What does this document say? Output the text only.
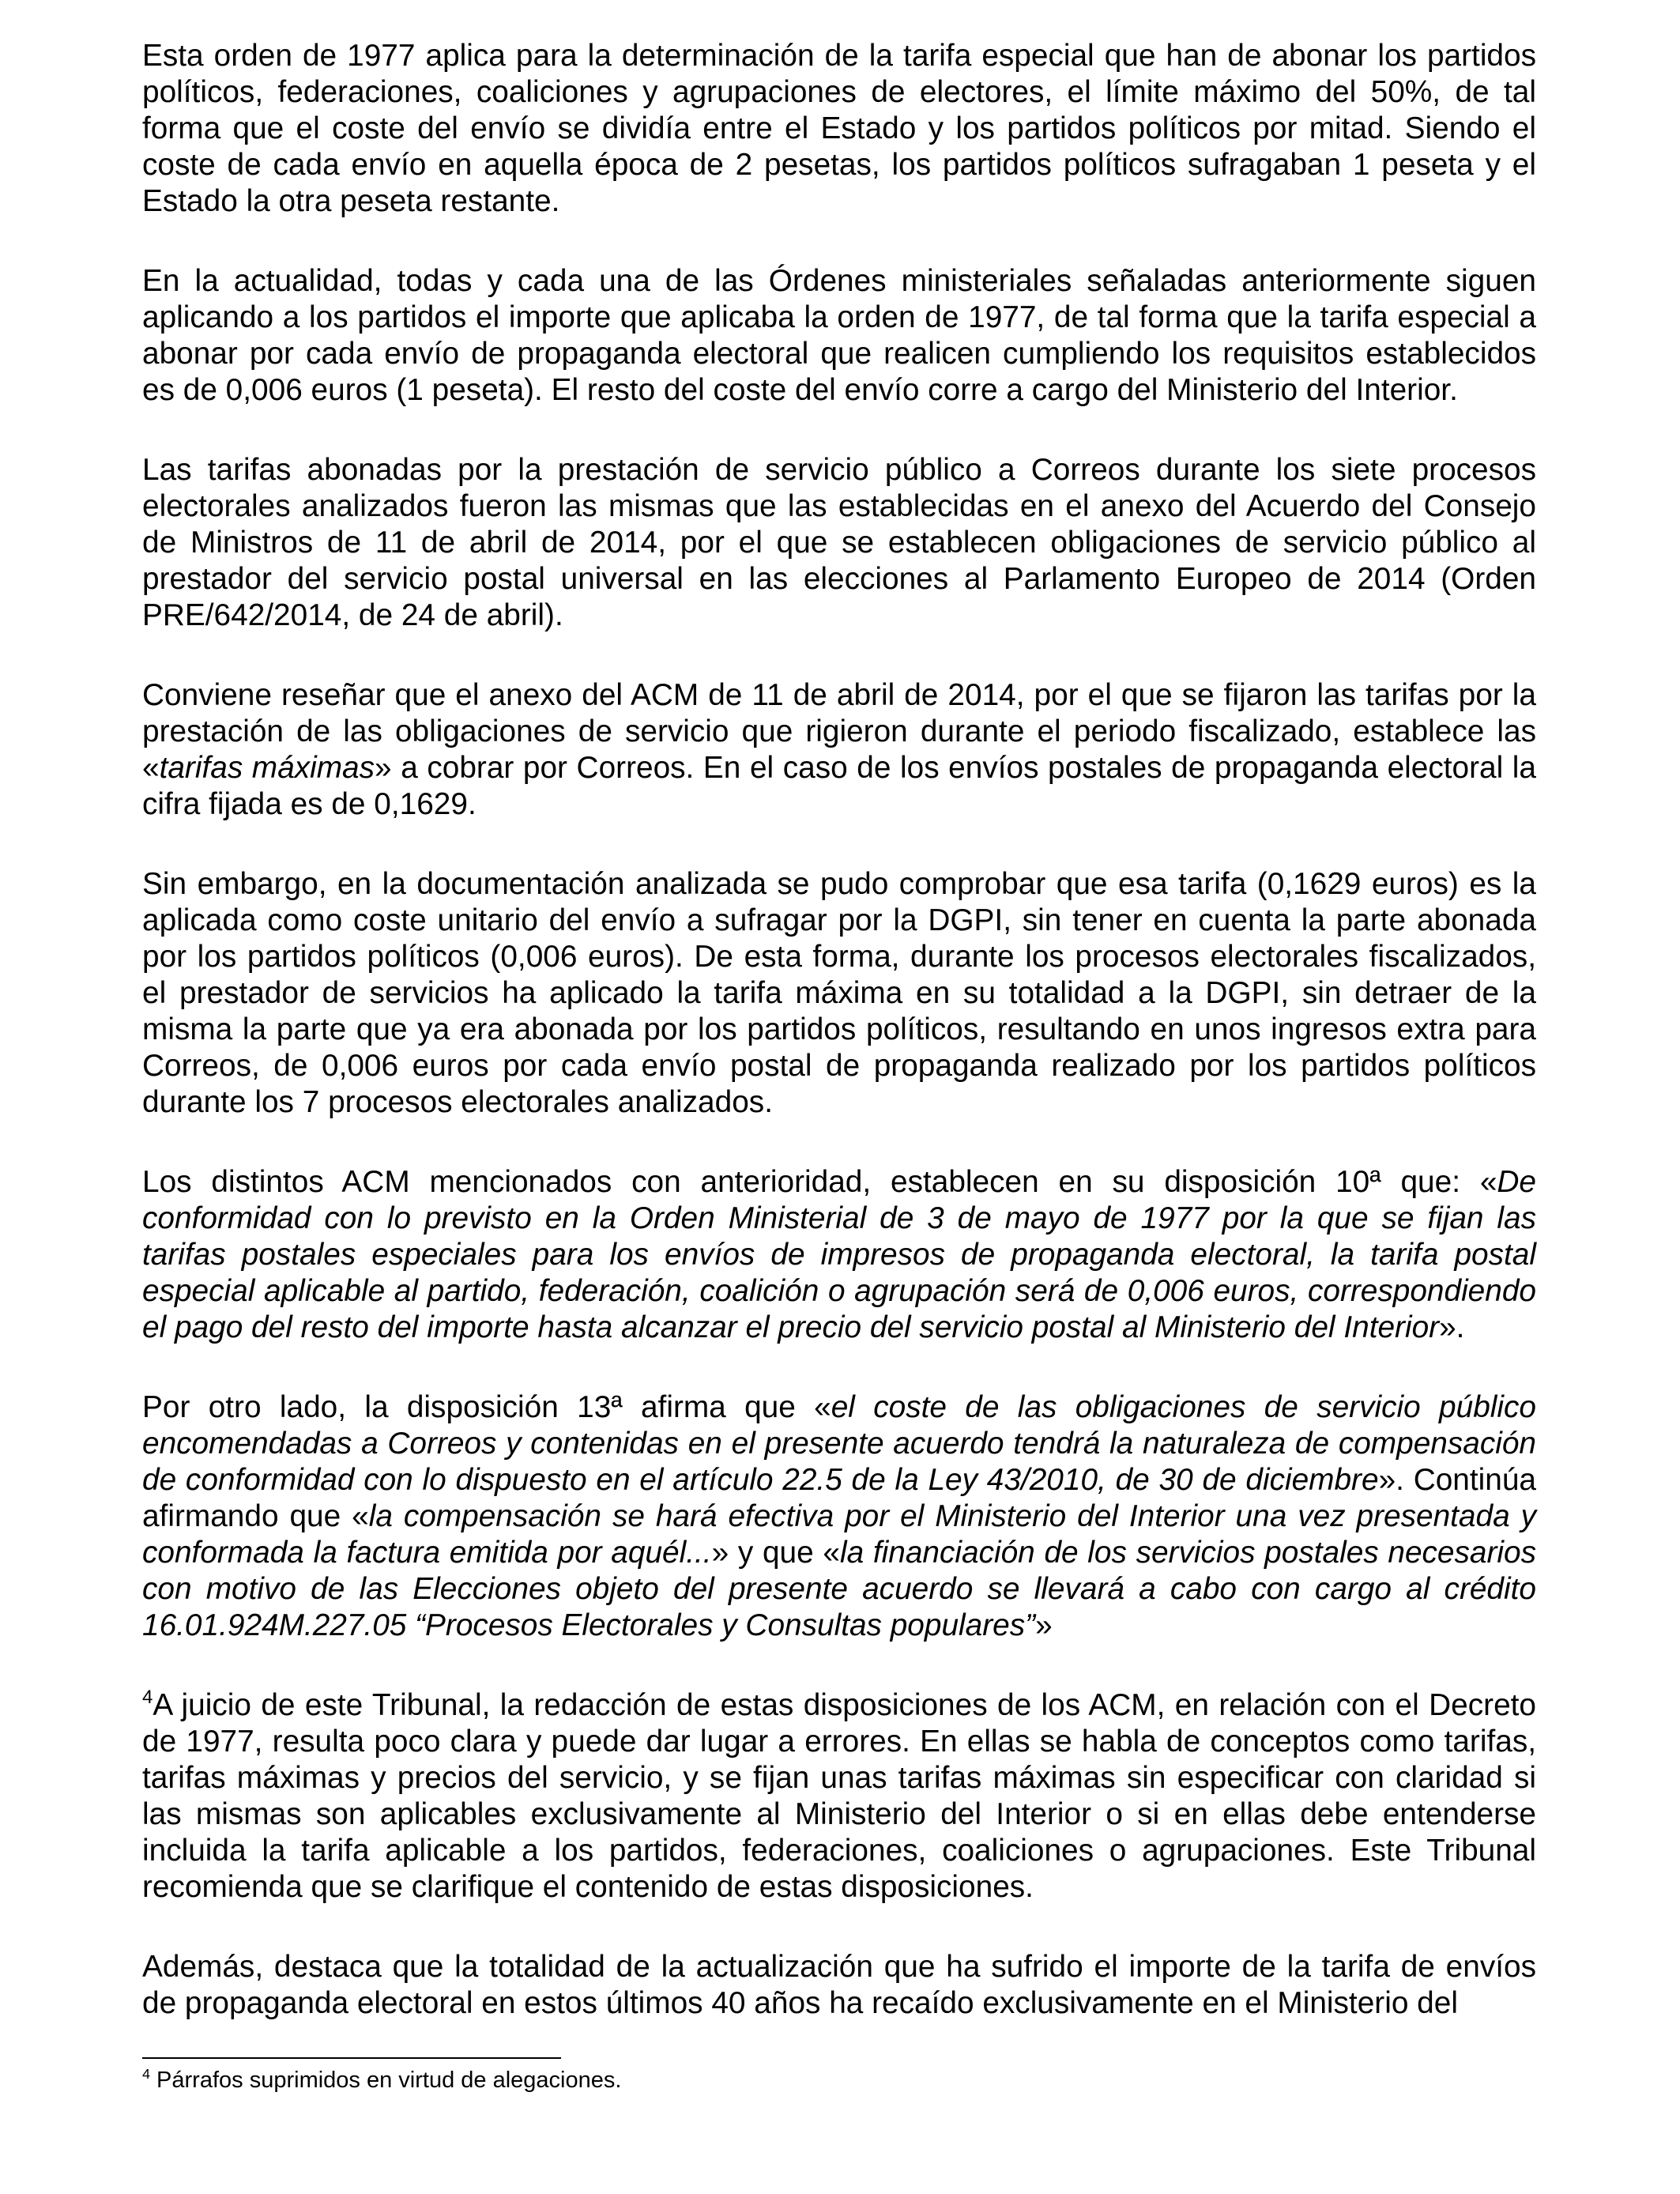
Esta orden de 1977 aplica para la determinación de la tarifa especial que han de abonar los partidos políticos, federaciones, coaliciones y agrupaciones de electores, el límite máximo del 50%, de tal forma que el coste del envío se dividía entre el Estado y los partidos políticos por mitad. Siendo el coste de cada envío en aquella época de 2 pesetas, los partidos políticos sufragaban 1 peseta y el Estado la otra peseta restante.

En la actualidad, todas y cada una de las Órdenes ministeriales señaladas anteriormente siguen aplicando a los partidos el importe que aplicaba la orden de 1977, de tal forma que la tarifa especial a abonar por cada envío de propaganda electoral que realicen cumpliendo los requisitos establecidos es de 0,006 euros (1 peseta). El resto del coste del envío corre a cargo del Ministerio del Interior.

Las tarifas abonadas por la prestación de servicio público a Correos durante los siete procesos electorales analizados fueron las mismas que las establecidas en el anexo del Acuerdo del Consejo de Ministros de 11 de abril de 2014, por el que se establecen obligaciones de servicio público al prestador del servicio postal universal en las elecciones al Parlamento Europeo de 2014 (Orden PRE/642/2014, de 24 de abril).

Conviene reseñar que el anexo del ACM de 11 de abril de 2014, por el que se fijaron las tarifas por la prestación de las obligaciones de servicio que rigieron durante el periodo fiscalizado, establece las «tarifas máximas» a cobrar por Correos. En el caso de los envíos postales de propaganda electoral la cifra fijada es de 0,1629.

Sin embargo, en la documentación analizada se pudo comprobar que esa tarifa (0,1629 euros) es la aplicada como coste unitario del envío a sufragar por la DGPI, sin tener en cuenta la parte abonada por los partidos políticos (0,006 euros). De esta forma, durante los procesos electorales fiscalizados, el prestador de servicios ha aplicado la tarifa máxima en su totalidad a la DGPI, sin detraer de la misma la parte que ya era abonada por los partidos políticos, resultando en unos ingresos extra para Correos, de 0,006 euros por cada envío postal de propaganda realizado por los partidos políticos durante los 7 procesos electorales analizados.

Los distintos ACM mencionados con anterioridad, establecen en su disposición 10ª que: «De conformidad con lo previsto en la Orden Ministerial de 3 de mayo de 1977 por la que se fijan las tarifas postales especiales para los envíos de impresos de propaganda electoral, la tarifa postal especial aplicable al partido, federación, coalición o agrupación será de 0,006 euros, correspondiendo el pago del resto del importe hasta alcanzar el precio del servicio postal al Ministerio del Interior».

Por otro lado, la disposición 13ª afirma que «el coste de las obligaciones de servicio público encomendadas a Correos y contenidas en el presente acuerdo tendrá la naturaleza de compensación de conformidad con lo dispuesto en el artículo 22.5 de la Ley 43/2010, de 30 de diciembre». Continúa afirmando que «la compensación se hará efectiva por el Ministerio del Interior una vez presentada y conformada la factura emitida por aquél...» y que «la financiación de los servicios postales necesarios con motivo de las Elecciones objeto del presente acuerdo se llevará a cabo con cargo al crédito 16.01.924M.227.05 “Procesos Electorales y Consultas populares”»

$^4$A juicio de este Tribunal, la redacción de estas disposiciones de los ACM, en relación con el Decreto de 1977, resulta poco clara y puede dar lugar a errores. En ellas se habla de conceptos como tarifas, tarifas máximas y precios del servicio, y se fijan unas tarifas máximas sin especificar con claridad si las mismas son aplicables exclusivamente al Ministerio del Interior o si en ellas debe entenderse incluida la tarifa aplicable a los partidos, federaciones, coaliciones o agrupaciones. Este Tribunal recomienda que se clarifique el contenido de estas disposiciones.

Además, destaca que la totalidad de la actualización que ha sufrido el importe de la tarifa de envíos de propaganda electoral en estos últimos 40 años ha recaído exclusivamente en el Ministerio del

$^4$ Párrafos suprimidos en virtud de alegaciones.
